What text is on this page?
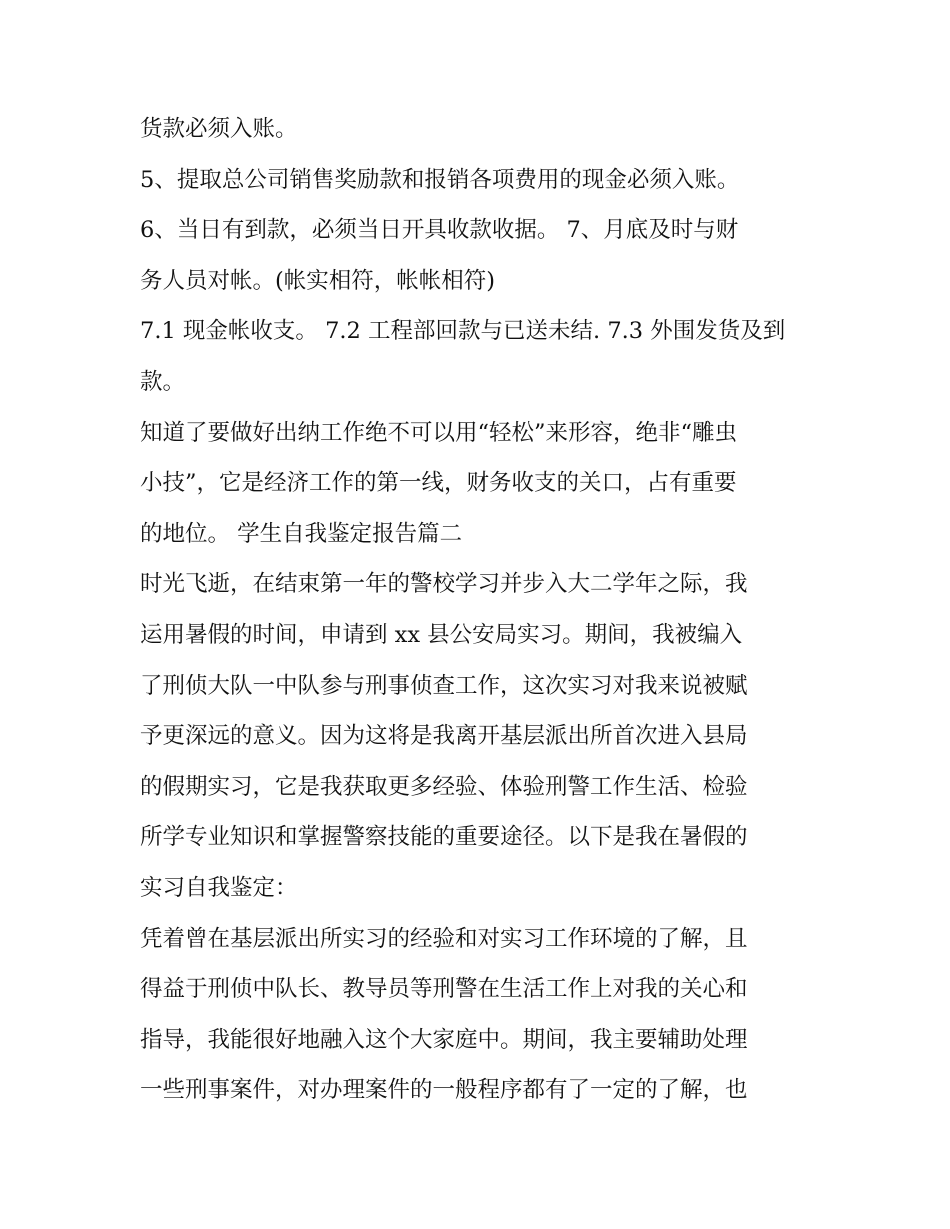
货款必须入账。
5、提取总公司销售奖励款和报销各项费用的现金必须入账。
6、当日有到款，必须当日开具收款收据。 7、月底及时与财
务人员对帐。(帐实相符，帐帐相符)
7.1 现金帐收支。 7.2 工程部回款与已送未结. 7.3 外围发货及到
款。
知道了要做好出纳工作绝不可以用“轻松”来形容，绝非“雕虫
小技”，它是经济工作的第一线，财务收支的关口，占有重要
的地位。 学生自我鉴定报告篇二
时光飞逝，在结束第一年的警校学习并步入大二学年之际，我
运用暑假的时间，申请到 xx 县公安局实习。期间，我被编入
了刑侦大队一中队参与刑事侦查工作，这次实习对我来说被赋
予更深远的意义。因为这将是我离开基层派出所首次进入县局
的假期实习，它是我获取更多经验、体验刑警工作生活、检验
所学专业知识和掌握警察技能的重要途径。以下是我在暑假的
实习自我鉴定：
凭着曾在基层派出所实习的经验和对实习工作环境的了解，且
得益于刑侦中队长、教导员等刑警在生活工作上对我的关心和
指导，我能很好地融入这个大家庭中。期间，我主要辅助处理
一些刑事案件，对办理案件的一般程序都有了一定的了解，也
